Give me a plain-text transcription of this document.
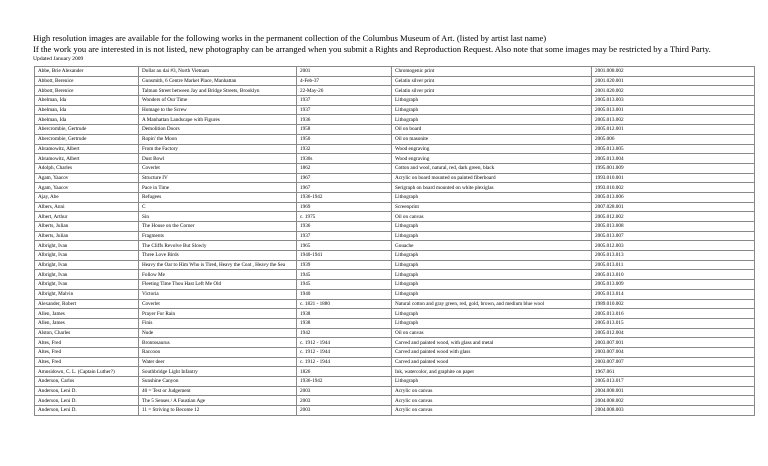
High resolution images are available for the following works in the permanent collection of the Columbus Museum of Art. (listed by artist last name)

If the work you are interested in is not listed, new photography can be arranged when you submit a Rights and Reproduction Request. Also note that some images may be restricted by a Third Party.

Updated January 2009

Abbe, Brie Alexander	Dollar au dai #3, North Vietnam	2001	Chromogenic print	2001.008.002
Abbott, Berenice	Gunsmith, 6 Centre Market Place, Manhattan	4-Feb-37	Gelatin silver print	2001.020.001
Abbott, Berenice	Talman Street between Jay and Bridge Streets, Brooklyn	22-May-26	Gelatin silver print	2001.020.002
Abelman, Ida	Wonders of Our Time	1937	Lithograph	2005.013.003
Abelman, Ida	Homage to the Screw	1937	Lithograph	2005.013.001
Abelman, Ida	A Manhattan Landscape with Figures	1936	Lithograph	2005.013.002
Abercrombie, Gertrude	Demolition Doors	1958	Oil on board	2005.012.001
Abercrombie, Gertrude	Ropin' the Moon	1950	Oil on masonite	2005.006
Abramowitz, Albert	From the Factory	1932	Wood engraving	2005.013.005
Abramowitz, Albert	Dust Bowl	1930s	Wood engraving	2005.013.004
Adolph, Charles	Coverlet	1862	Cotton and wool, natural, red, dark green, black	1995.001.009
Agam, Yaacov	Structure IV	1967	Acrylic on board mounted on painted fiberboard	1993.010.001
Agam, Yaacov	Pace in Time	1967	Serigraph on board mounted on white plexiglas	1993.010.002
Ajay, Abe	Refugees	1936-1942	Lithograph	2005.013.006
Albers, Anni	C	1969	Screenprint	2007.028.001
Albert, Arthur	Sin	c. 1975	Oil on canvas	2005.012.002
Alberts, Julian	The House on the Corner	1936	Lithograph	2005.013.008
Alberts, Julian	Fragments	1937	Lithograph	2005.013.007
Albright, Ivan	The Cliffs Revolve But Slowly	1965	Gouache	2005.012.003
Albright, Ivan	Three Love Birds	1940-1941	Lithograph	2005.013.013
Albright, Ivan	Heavy the Oar to Him Who is Tired, Heavy the Coat , Heavy the Sea	1939	Lithograph	2005.013.011
Albright, Ivan	Follow Me	1945	Lithograph	2005.013.010
Albright, Ivan	Fleeting Time Thou Hast Left Me Old	1945	Lithograph	2005.013.009
Albright, Malvin	Victoria	1940	Lithograph	2005.013.014
Alexander, Robert	Coverlet	c. 1821 - 1880	Natural cotton and gray green, red, gold, brown, and medium blue wool	1989.010.002
Allen, James	Prayer For Rain	1938	Lithograph	2005.013.016
Allen, James	Finis	1938	Lithograph	2005.013.015
Alston, Charles	Nude	1942	Oil on canvas	2005.012.004
Altes, Fred	Brontosaurus	c. 1912 - 1944	Carved and painted wood, with glass and metal	2003.007.001
Altes, Fred	Raccoon	c. 1912 - 1944	Carved and painted wood with glass	2003.007.004
Altes, Fred	Water deer	c. 1912 - 1944	Carved and painted wood	2003.007.007
Amnsidown, C. L. (Captain Luther?)	Southbridge Light Infantry	1826	Ink, watercolor, and graphite on paper	1967.061
Anderson, Carlos	Sunshine Canyon	1936-1942	Lithograph	2005.013.017
Anderson, Leni D.	40 = Test or Judgement	2003	Acrylic on canvas	2004.008.001
Anderson, Leni D.	The 5 Senses / A Faustian Age	2003	Acrylic on canvas	2004.008.002
Anderson, Leni D.	11 = Striving to Become 12	2003	Acrylic on canvas	2004.008.003
